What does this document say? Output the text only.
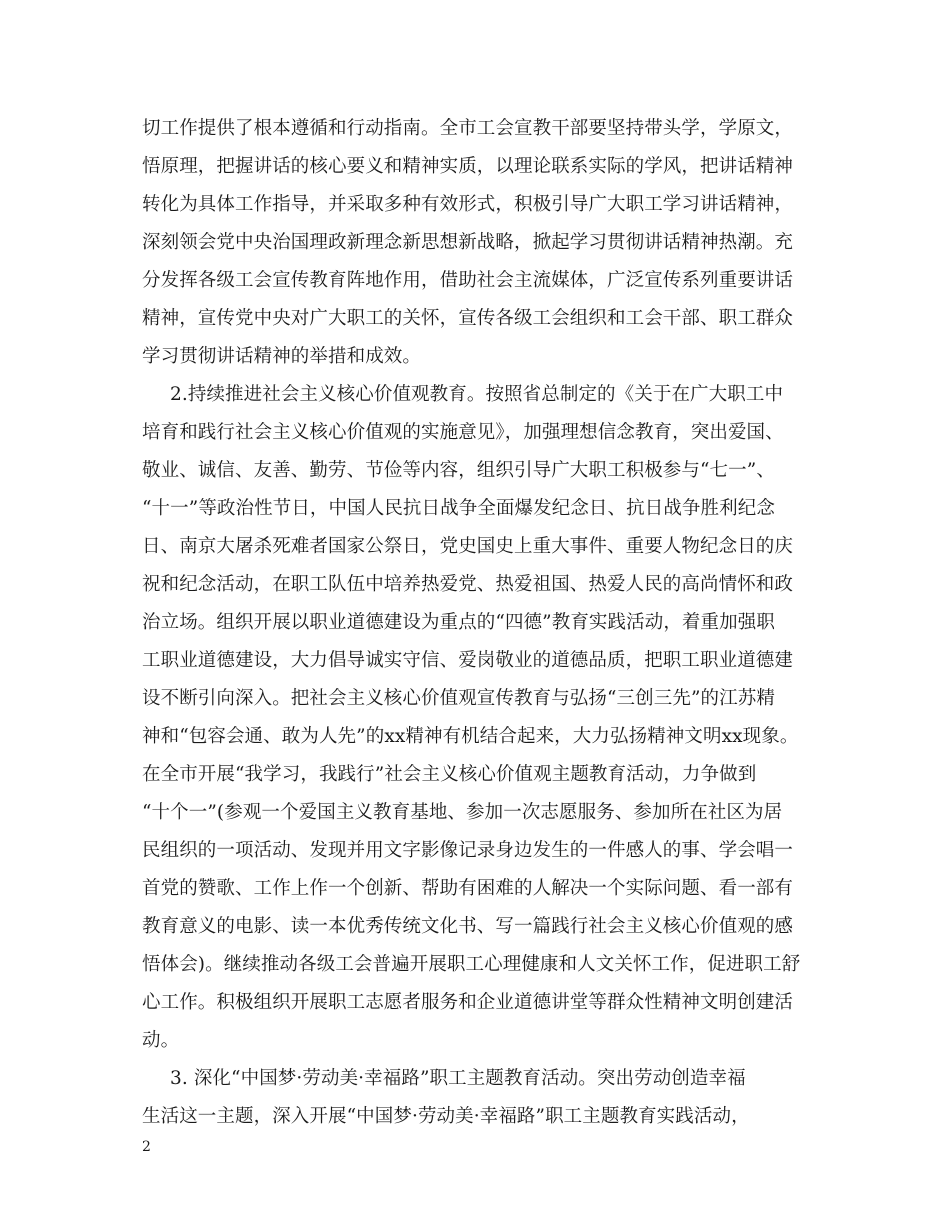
切工作提供了根本遵循和行动指南。全市工会宣教干部要坚持带头学，学原文，
悟原理，把握讲话的核心要义和精神实质，以理论联系实际的学风，把讲话精神
转化为具体工作指导，并采取多种有效形式，积极引导广大职工学习讲话精神，
深刻领会党中央治国理政新理念新思想新战略，掀起学习贯彻讲话精神热潮。充
分发挥各级工会宣传教育阵地作用，借助社会主流媒体，广泛宣传系列重要讲话
精神，宣传党中央对广大职工的关怀，宣传各级工会组织和工会干部、职工群众
学习贯彻讲话精神的举措和成效。
2.持续推进社会主义核心价值观教育。按照省总制定的《关于在广大职工中
培育和践行社会主义核心价值观的实施意见》，加强理想信念教育，突出爱国、
敬业、诚信、友善、勤劳、节俭等内容，组织引导广大职工积极参与“七一”、
“十一”等政治性节日，中国人民抗日战争全面爆发纪念日、抗日战争胜利纪念
日、南京大屠杀死难者国家公祭日，党史国史上重大事件、重要人物纪念日的庆
祝和纪念活动，在职工队伍中培养热爱党、热爱祖国、热爱人民的高尚情怀和政
治立场。组织开展以职业道德建设为重点的“四德”教育实践活动，着重加强职
工职业道德建设，大力倡导诚实守信、爱岗敬业的道德品质，把职工职业道德建
设不断引向深入。把社会主义核心价值观宣传教育与弘扬“三创三先”的江苏精
神和“包容会通、敢为人先”的xx精神有机结合起来，大力弘扬精神文明xx现象。
在全市开展“我学习，我践行”社会主义核心价值观主题教育活动，力争做到
“十个一”(参观一个爱国主义教育基地、参加一次志愿服务、参加所在社区为居
民组织的一项活动、发现并用文字影像记录身边发生的一件感人的事、学会唱一
首党的赞歌、工作上作一个创新、帮助有困难的人解决一个实际问题、看一部有
教育意义的电影、读一本优秀传统文化书、写一篇践行社会主义核心价值观的感
悟体会)。继续推动各级工会普遍开展职工心理健康和人文关怀工作，促进职工舒
心工作。积极组织开展职工志愿者服务和企业道德讲堂等群众性精神文明创建活
动。
3. 深化“中国梦·劳动美·幸福路”职工主题教育活动。突出劳动创造幸福
生活这一主题，深入开展“中国梦·劳动美·幸福路”职工主题教育实践活动，
2
